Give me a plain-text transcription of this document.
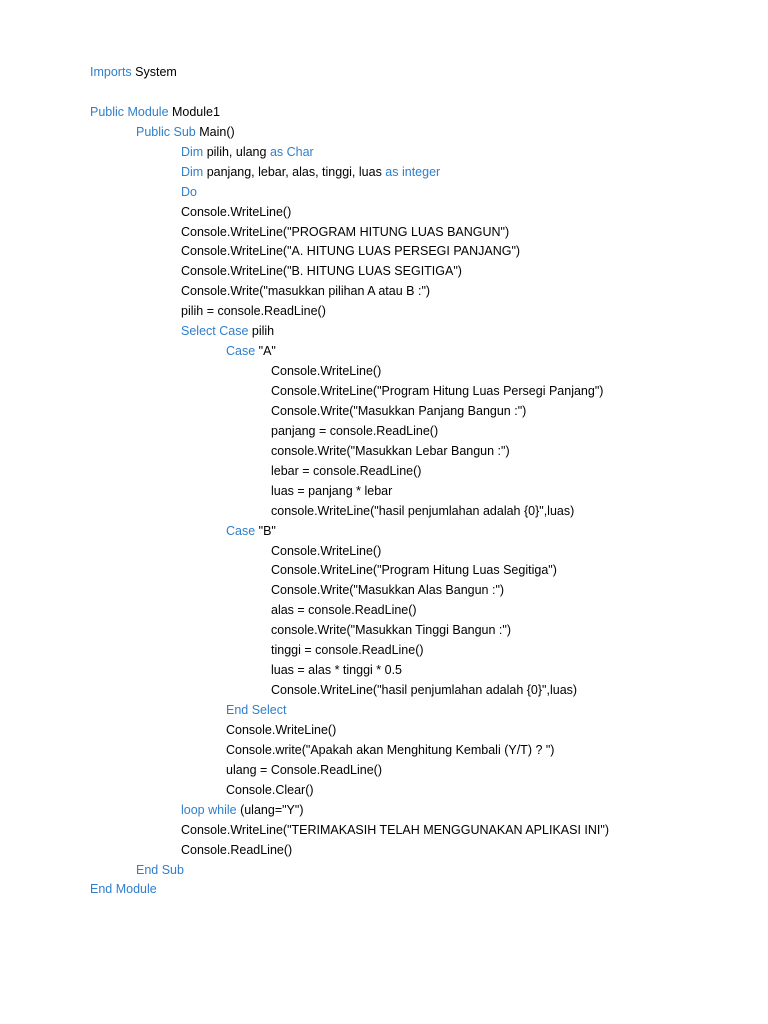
Imports System
Public Module Module1
Public Sub Main()
Dim pilih, ulang as Char
Dim panjang, lebar, alas, tinggi, luas as integer
Do
Console.WriteLine()
Console.WriteLine("PROGRAM HITUNG LUAS BANGUN")
Console.WriteLine("A. HITUNG LUAS PERSEGI PANJANG")
Console.WriteLine("B. HITUNG LUAS SEGITIGA")
Console.Write("masukkan pilihan A atau B :")
pilih = console.ReadLine()
Select Case pilih
Case "A"
Console.WriteLine()
Console.WriteLine("Program Hitung Luas Persegi Panjang")
Console.Write("Masukkan Panjang Bangun :")
panjang = console.ReadLine()
console.Write("Masukkan Lebar Bangun :")
lebar = console.ReadLine()
luas = panjang * lebar
console.WriteLine("hasil penjumlahan adalah {0}",luas)
Case "B"
Console.WriteLine()
Console.WriteLine("Program Hitung Luas Segitiga")
Console.Write("Masukkan Alas Bangun :")
alas = console.ReadLine()
console.Write("Masukkan Tinggi Bangun :")
tinggi = console.ReadLine()
luas = alas * tinggi * 0.5
Console.WriteLine("hasil penjumlahan adalah {0}",luas)
End Select
Console.WriteLine()
Console.write("Apakah akan Menghitung Kembali (Y/T) ? ")
ulang = Console.ReadLine()
Console.Clear()
loop while (ulang="Y")
Console.WriteLine("TERIMAKASIH TELAH MENGGUNAKAN APLIKASI INI")
Console.ReadLine()
End Sub
End Module
